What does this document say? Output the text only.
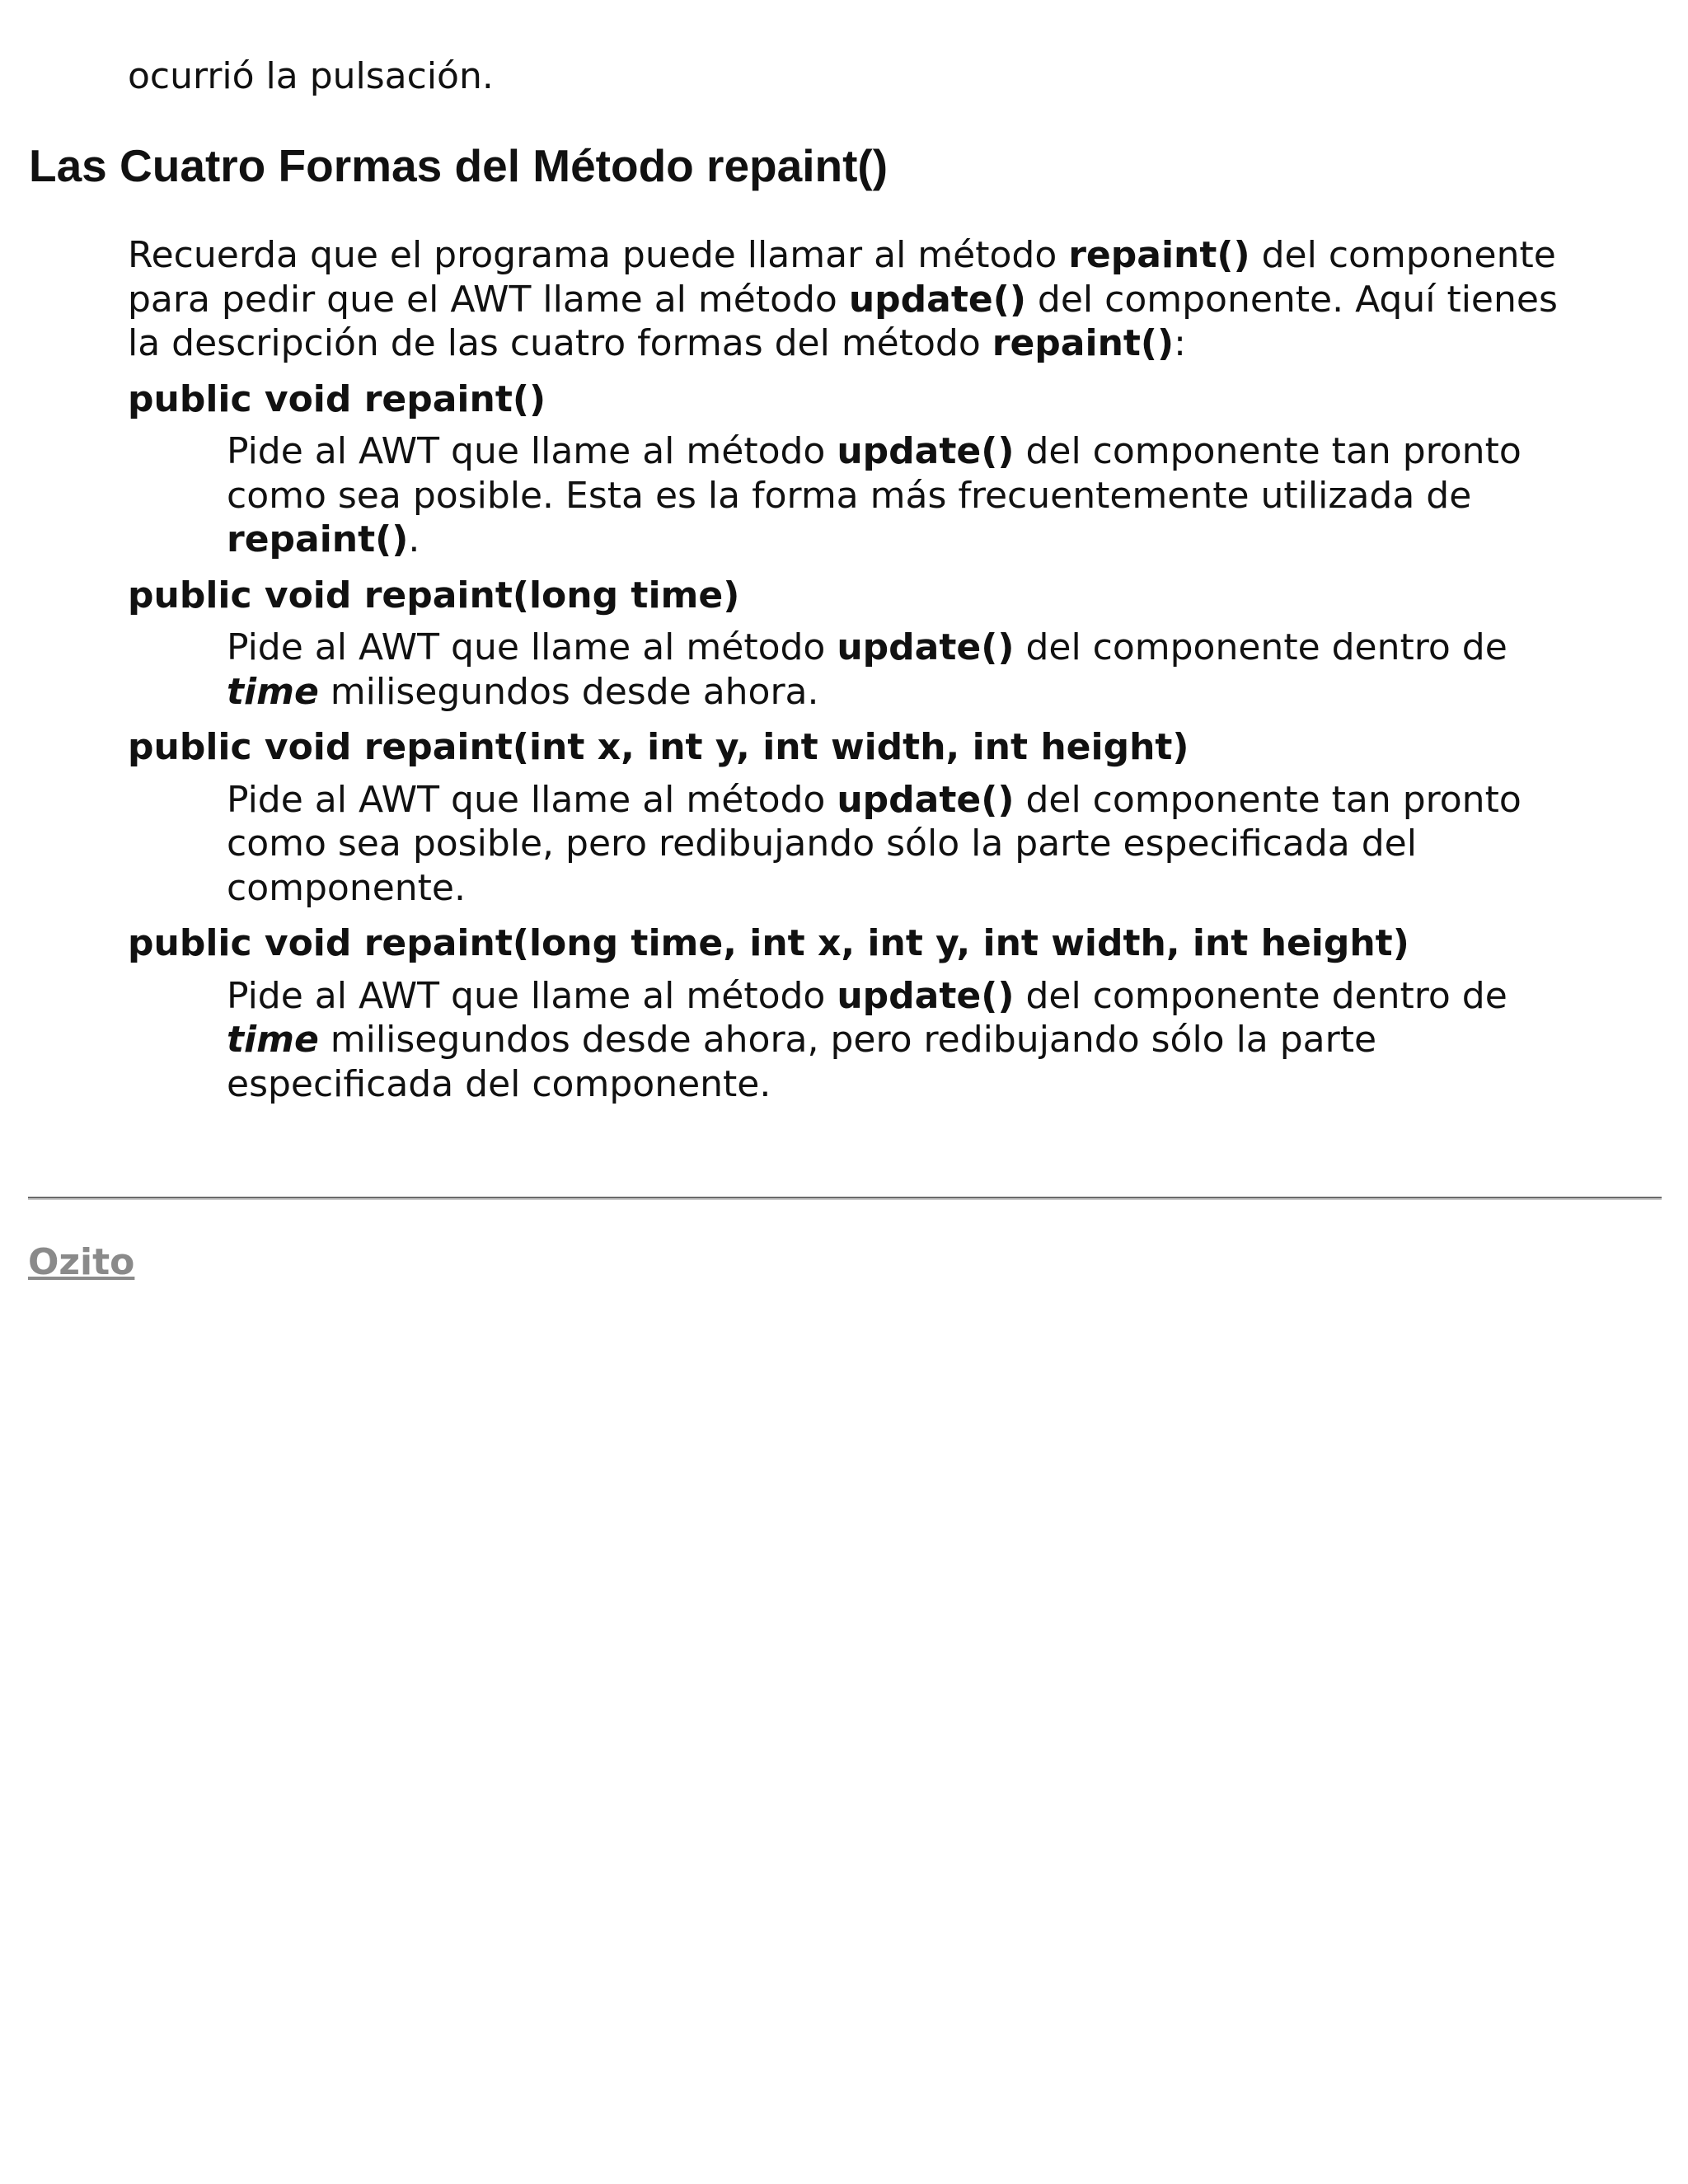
ocurrió la pulsación.

Las Cuatro Formas del Método repaint()

Recuerda que el programa puede llamar al método repaint() del componente para pedir que el AWT llame al método update() del componente. Aquí tienes la descripción de las cuatro formas del método repaint():

public void repaint()
Pide al AWT que llame al método update() del componente tan pronto como sea posible. Esta es la forma más frecuentemente utilizada de repaint().
public void repaint(long time)
Pide al AWT que llame al método update() del componente dentro de time milisegundos desde ahora.
public void repaint(int x, int y, int width, int height)
Pide al AWT que llame al método update() del componente tan pronto como sea posible, pero redibujando sólo la parte especificada del componente.
public void repaint(long time, int x, int y, int width, int height)
Pide al AWT que llame al método update() del componente dentro de time milisegundos desde ahora, pero redibujando sólo la parte especificada del componente.
Ozito
